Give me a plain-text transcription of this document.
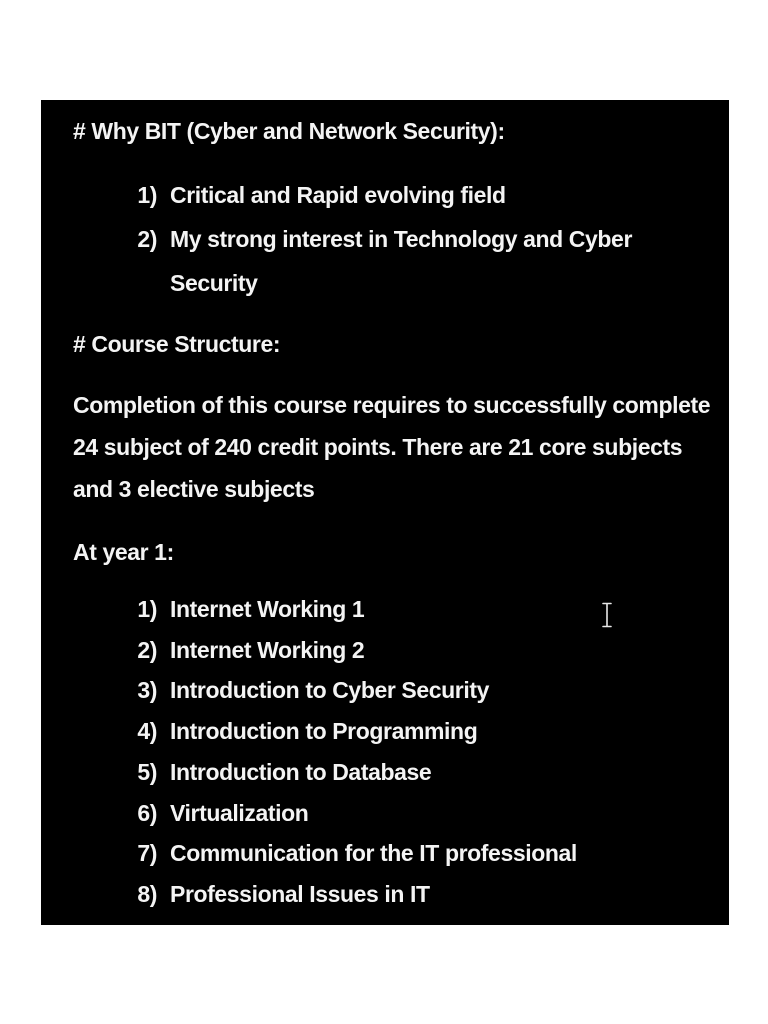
# Why BIT (Cyber and Network Security):
1) Critical and Rapid evolving field
2) My strong interest in Technology and Cyber Security
# Course Structure:
Completion of this course requires to successfully complete 24 subject of 240 credit points. There are 21 core subjects and 3 elective subjects
At year 1:
1) Internet Working 1
2) Internet Working 2
3) Introduction to Cyber Security
4) Introduction to Programming
5) Introduction to Database
6) Virtualization
7) Communication for the IT professional
8) Professional Issues in IT
